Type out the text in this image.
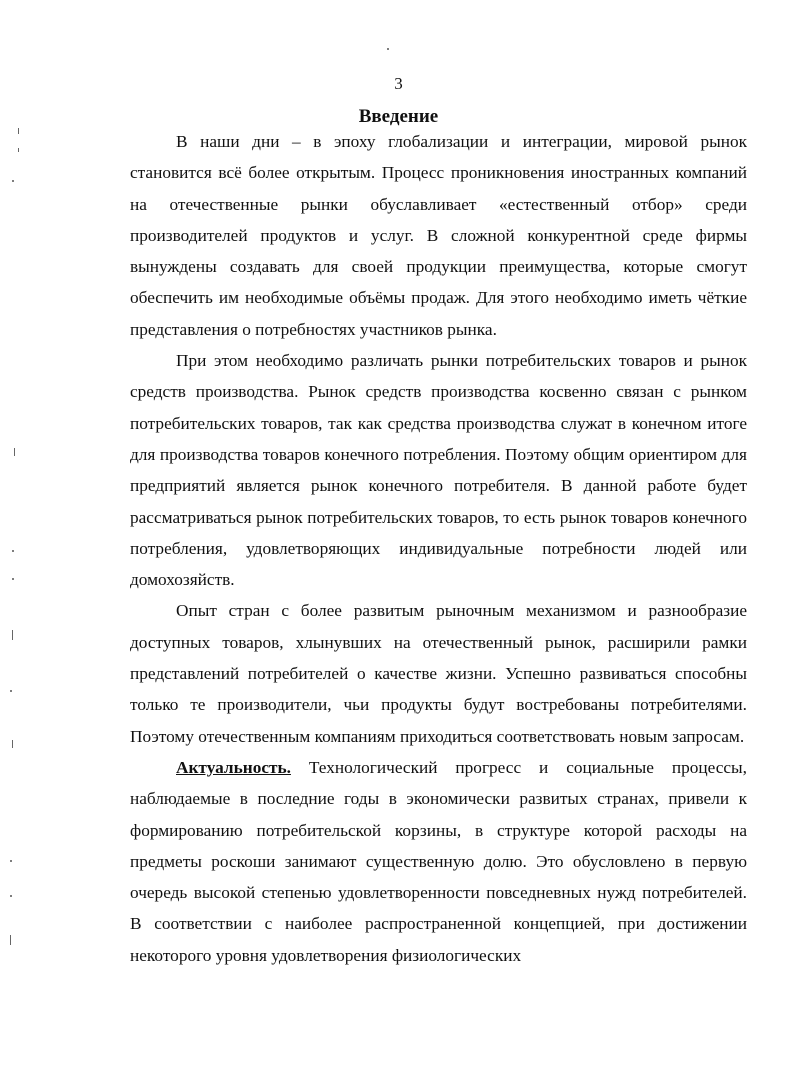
3
Введение

В наши дни – в эпоху глобализации и интеграции, мировой рынок становится всё более открытым. Процесс проникновения иностранных компаний на отечественные рынки обуславливает «естественный отбор» среди производителей продуктов и услуг. В сложной конкурентной среде фирмы вынуждены создавать для своей продукции преимущества, которые смогут обеспечить им необходимые объёмы продаж. Для этого необходимо иметь чёткие представления о потребностях участников рынка.

При этом необходимо различать рынки потребительских товаров и рынок средств производства. Рынок средств производства косвенно связан с рынком потребительских товаров, так как средства производства служат в конечном итоге для производства товаров конечного потребления. Поэтому общим ориентиром для предприятий является рынок конечного потребителя. В данной работе будет рассматриваться рынок потребительских товаров, то есть рынок товаров конечного потребления, удовлетворяющих индивидуальные потребности людей или домохозяйств.

Опыт стран с более развитым рыночным механизмом и разнообразие доступных товаров, хлынувших на отечественный рынок, расширили рамки представлений потребителей о качестве жизни. Успешно развиваться способны только те производители, чьи продукты будут востребованы потребителями. Поэтому отечественным компаниям приходиться соответствовать новым запросам.

Актуальность. Технологический прогресс и социальные процессы, наблюдаемые в последние годы в экономически развитых странах, привели к формированию потребительской корзины, в структуре которой расходы на предметы роскоши занимают существенную долю. Это обусловлено в первую очередь высокой степенью удовлетворенности повседневных нужд потребителей. В соответствии с наиболее распространенной концепцией, при достижении некоторого уровня удовлетворения физиологических
